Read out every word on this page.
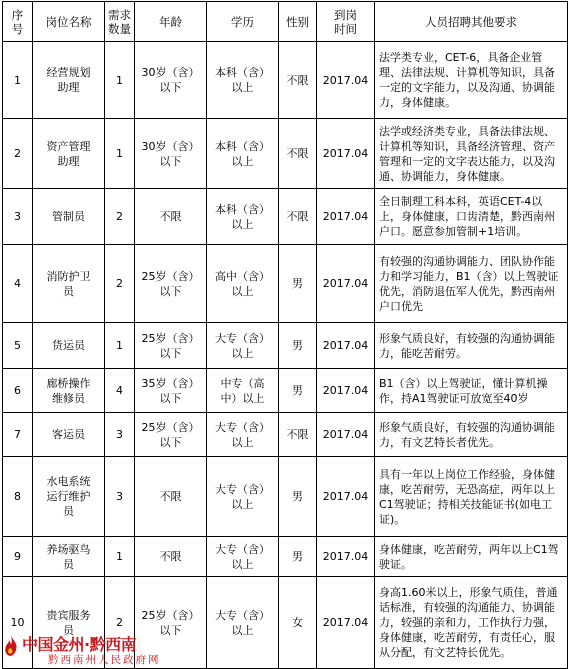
序
号	岗位名称	需求
数量	年龄	学历	性别	到岗
时间	人员招聘其他要求
1	经营规划
助理	1	30岁（含）
以下	本科（含）
以上	不限	2017.04	法学类专业，CET-6，具备企业管理、法律法规、计算机等知识，具备一定的文字能力，以及沟通、协调能力，身体健康。
2	资产管理
助理	1	30岁（含）
以下	本科（含）
以上	不限	2017.04	法学或经济类专业，具备法律法规、计算机等知识，具备经济管理、资产管理和一定的文字表达能力，以及沟通、协调能力，身体健康。
3	管制员	2	不限	本科（含）
以上	不限	2017.04	全日制理工科本科，英语CET-4以上，身体健康，口齿清楚，黔西南州户口。愿意参加管制+1培训。
4	消防护卫
员	2	25岁（含）
以下	高中（含）
以上	男	2017.04	有较强的沟通协调能力、团队协作能力和学习能力，B1（含）以上驾驶证优先，消防退伍军人优先，黔西南州户口优先
5	货运员	1	25岁（含）
以下	大专（含）
以上	男	2017.04	形象气质良好，有较强的沟通协调能力，能吃苦耐劳。
6	廊桥操作
维修员	4	35岁（含）
以下	中专（高
中）以上	男	2017.04	B1（含）以上驾驶证，懂计算机操作，持A1驾驶证可放宽至40岁
7	客运员	3	25岁（含）
以下	大专（含）
以上	不限	2017.04	形象气质良好，有较强的沟通协调能力，有文艺特长者优先。
8	水电系统
运行维护
员	3	不限	大专（含）
以上	男	2017.04	具有一年以上岗位工作经验，身体健康，吃苦耐劳，无恐高症，两年以上C1驾驶证；持相关技能证书(如电工证)。
9	养场驱鸟
员	1	不限	大专（含）
以上	男	2017.04	身体健康，吃苦耐劳，两年以上C1驾驶证。
10	贵宾服务
员	2	25岁（含）
以下	大专（含）
以上	女	2017.04	身高1.60米以上，形象气质佳，普通话标准，有较强的沟通能力、协调能力，较强的亲和力，工作执行力强，身体健康，吃苦耐劳，有责任心，服从分配，有文艺特长优先。
中国金州·黔西南
黔西南州人民政府网
